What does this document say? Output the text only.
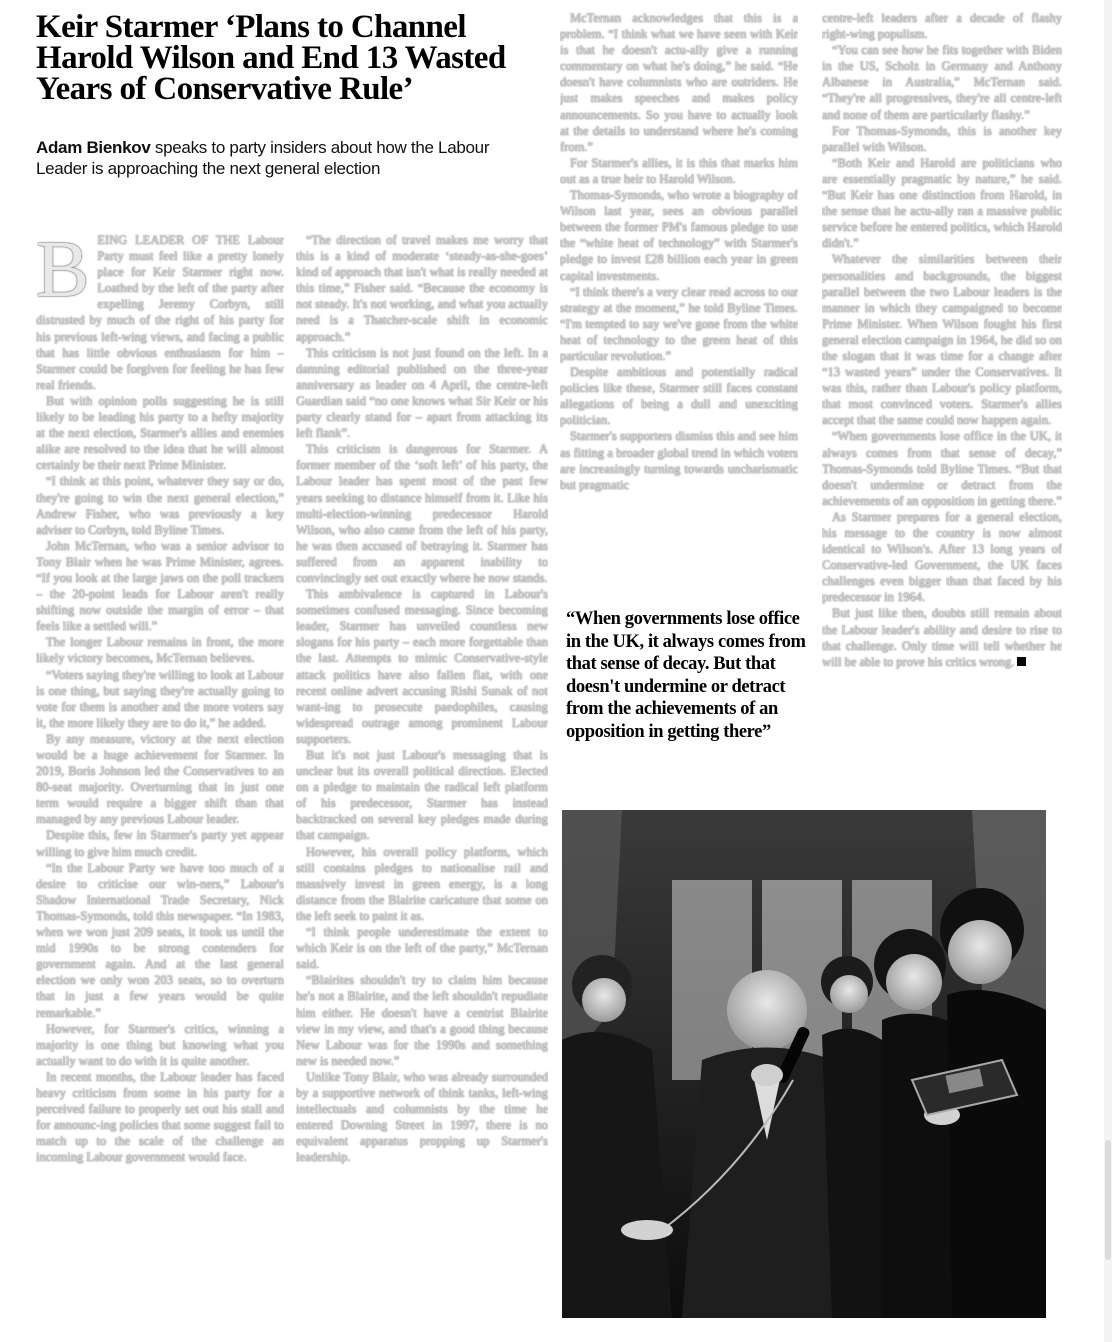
Keir Starmer ‘Plans to Channel Harold Wilson and End 13 Wasted Years of Conservative Rule’
Adam Bienkov speaks to party insiders about how the Labour Leader is approaching the next general election
B EING LEADER OF THE Labour Party must feel like a pretty lonely place for Keir Starmer right now. Loathed by the left of the party after expelling Jeremy Corbyn, still distrusted by much of the right of his party for his previous left-wing views, and facing a public that has little obvious enthusiasm for him – Starmer could be forgiven for feeling he has few real friends.

But with opinion polls suggesting he is still likely to be leading his party to a hefty majority at the next election, Starmer's allies and enemies alike are resolved to the idea that he will almost certainly be their next Prime Minister.

“I think at this point, whatever they say or do, they're going to win the next general election,” Andrew Fisher, who was previously a key adviser to Corbyn, told Byline Times.

John McTernan, who was a senior advisor to Tony Blair when he was Prime Minister, agrees. “If you look at the large jaws on the poll trackers – the 20-point leads for Labour aren't really shifting now outside the margin of error – that feels like a settled will.”

The longer Labour remains in front, the more likely victory becomes, McTernan believes.

“Voters saying they're willing to look at Labour is one thing, but saying they're actually going to vote for them is another and the more voters say it, the more likely they are to do it,” he added.

By any measure, victory at the next election would be a huge achievement for Starmer. In 2019, Boris Johnson led the Conservatives to an 80-seat majority. Overturning that in just one term would require a bigger shift than that managed by any previous Labour leader.

Despite this, few in Starmer's party yet appear willing to give him much credit.

“In the Labour Party we have too much of a desire to criticise our win-ners,” Labour's Shadow International Trade Secretary, Nick Thomas-Symonds, told this newspaper. “In 1983, when we won just 209 seats, it took us until the mid 1990s to be strong contenders for government again. And at the last general election we only won 203 seats, so to overturn that in just a few years would be quite remarkable.”

However, for Starmer's critics, winning a majority is one thing but knowing what you actually want to do with it is quite another.

In recent months, the Labour leader has faced heavy criticism from some in his party for a perceived failure to properly set out his stall and for announc-ing policies that some suggest fail to match up to the scale of the challenge an incoming Labour government would face.

“The direction of travel makes me worry that this is a kind of moderate ‘steady-as-she-goes’ kind of approach that isn't what is really needed at this time,” Fisher said. “Because the economy is not steady. It's not working, and what you actually need is a Thatcher-scale shift in economic approach.”

This criticism is not just found on the left. In a damning editorial published on the three-year anniversary as leader on 4 April, the centre-left Guardian said “no one knows what Sir Keir or his party clearly stand for – apart from attacking its left flank”.

This criticism is dangerous for Starmer. A former member of the ‘soft left’ of his party, the Labour leader has spent most of the past few years seeking to distance himself from it. Like his multi-election-winning predecessor Harold Wilson, who also came from the left of his party, he was then accused of betraying it. Starmer has suffered from an apparent inability to convincingly set out exactly where he now stands.

This ambivalence is captured in Labour's sometimes confused messaging. Since becoming leader, Starmer has unveiled countless new slogans for his party – each more forgettable than the last. Attempts to mimic Conservative-style attack politics have also fallen flat, with one recent online advert accusing Rishi Sunak of not want-ing to prosecute paedophiles, causing widespread outrage among prominent Labour supporters.

But it's not just Labour's messaging that is unclear but its overall political direction. Elected on a pledge to maintain the radical left platform of his predecessor, Starmer has instead backtracked on several key pledges made during that campaign.

However, his overall policy platform, which still contains pledges to nationalise rail and massively invest in green energy, is a long distance from the Blairite caricature that some on the left seek to paint it as.

“I think people underestimate the extent to which Keir is on the left of the party,” McTernan said.

“Blairites shouldn't try to claim him because he's not a Blairite, and the left shouldn't repudiate him either. He doesn't have a centrist Blairite view in my view, and that's a good thing because New Labour was for the 1990s and something new is needed now.”

Unlike Tony Blair, who was already surrounded by a supportive network of think tanks, left-wing intellectuals and columnists by the time he entered Downing Street in 1997, there is no equivalent apparatus propping up Starmer's leadership.

McTernan acknowledges that this is a problem. “I think what we have seen with Keir is that he doesn't actu-ally give a running commentary on what he's doing,” he said. “He doesn't have columnists who are outriders. He just makes speeches and makes policy announcements. So you have to actually look at the details to understand where he's coming from.”

For Starmer's allies, it is this that marks him out as a true heir to Harold Wilson.

Thomas-Symonds, who wrote a biography of Wilson last year, sees an obvious parallel between the former PM's famous pledge to use the “white heat of technology” with Starmer's pledge to invest £28 billion each year in green capital investments.

“I think there's a very clear read across to our strategy at the moment,” he told Byline Times. “I'm tempted to say we've gone from the white heat of technology to the green heat of this particular revolution.”

Despite ambitious and potentially radical policies like these, Starmer still faces constant allegations of being a dull and unexciting politician.

Starmer's supporters dismiss this and see him as fitting a broader global trend in which voters are increasingly turning towards uncharismatic but pragmatic

centre-left leaders after a decade of flashy right-wing populism.

“You can see how he fits together with Biden in the US, Scholz in Germany and Anthony Albanese in Australia,” McTernan said. “They're all progressives, they're all centre-left and none of them are particularly flashy.”

For Thomas-Symonds, this is another key parallel with Wilson.

“Both Keir and Harold are politicians who are essentially pragmatic by nature,” he said. “But Keir has one distinction from Harold, in the sense that he actu-ally ran a massive public service before he entered politics, which Harold didn't.”

Whatever the similarities between their personalities and backgrounds, the biggest parallel between the two Labour leaders is the manner in which they campaigned to become Prime Minister. When Wilson fought his first general election campaign in 1964, he did so on the slogan that it was time for a change after “13 wasted years” under the Conservatives. It was this, rather than Labour's policy platform, that most convinced voters. Starmer's allies accept that the same could now happen again.

“When governments lose office in the UK, it always comes from that sense of decay,” Thomas-Symonds told Byline Times. “But that doesn't undermine or detract from the achievements of an opposition in getting there.”

As Starmer prepares for a general election, his message to the country is now almost identical to Wilson's. After 13 long years of Conservative-led Government, the UK faces challenges even bigger than that faced by his predecessor in 1964.

But just like then, doubts still remain about the Labour leader's ability and desire to rise to that challenge. Only time will tell whether he will be able to prove his critics wrong.

“When governments lose office in the UK, it always comes from that sense of decay. But that doesn't undermine or detract from the achievements of an opposition in getting there”
